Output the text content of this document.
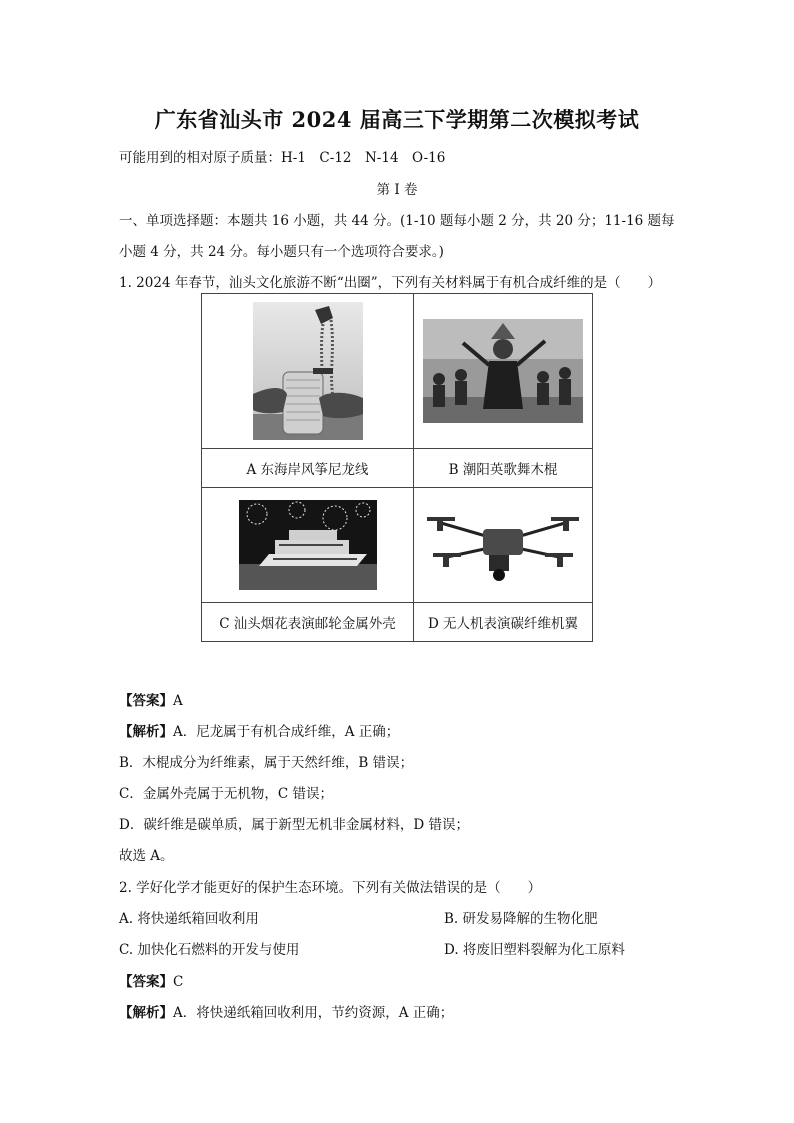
广东省汕头市 2024 届高三下学期第二次模拟考试
可能用到的相对原子质量：H-1　C-12　N-14　O-16
第 I 卷
一、单项选择题：本题共 16 小题，共 44 分。(1-10 题每小题 2 分，共 20 分；11-16 题每
小题 4 分，共 24 分。每小题只有一个选项符合要求。)
1. 2024 年春节，汕头文化旅游不断“出圈”，下列有关材料属于有机合成纤维的是（　　）

A 东海岸风筝尼龙线	B 潮阳英歌舞木棍

C 汕头烟花表演邮轮金属外壳	D 无人机表演碳纤维机翼
【答案】A
【解析】A．尼龙属于有机合成纤维，A 正确；
B．木棍成分为纤维素，属于天然纤维，B 错误；
C．金属外壳属于无机物，C 错误；
D．碳纤维是碳单质，属于新型无机非金属材料，D 错误；
故选 A。
2. 学好化学才能更好的保护生态环境。下列有关做法错误的是（　　）
A. 将快递纸箱回收利用	B. 研发易降解的生物化肥
C. 加快化石燃料的开发与使用	D. 将废旧塑料裂解为化工原料
【答案】C
【解析】A．将快递纸箱回收利用，节约资源，A 正确；
